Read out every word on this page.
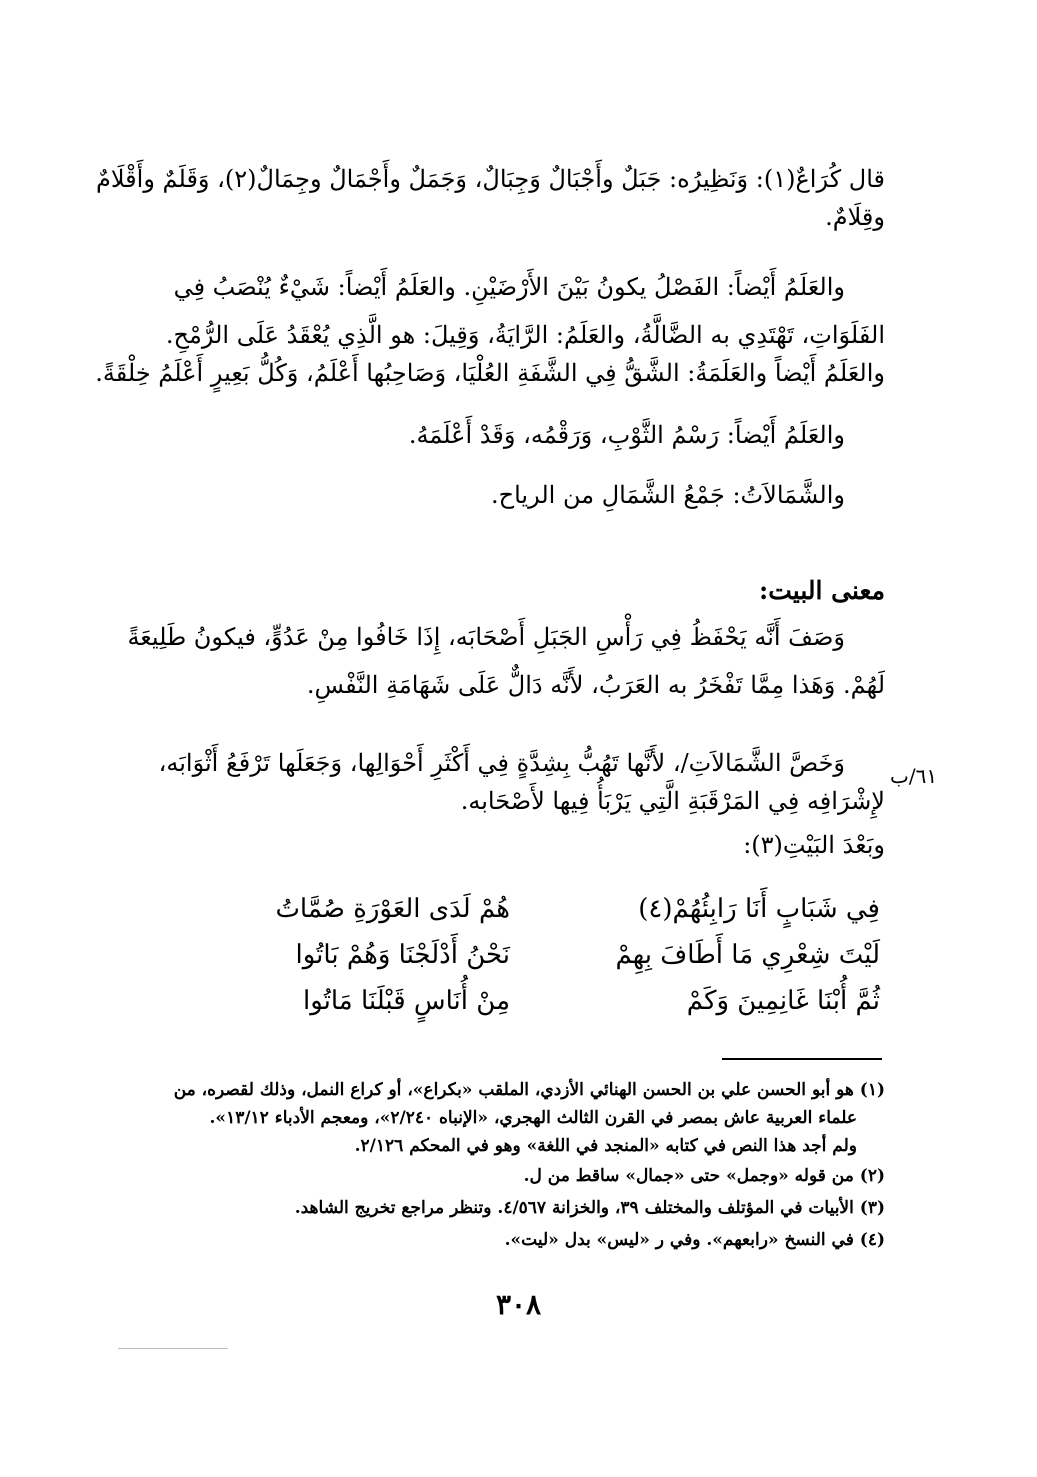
قال كُرَاعٌ(١): وَنَظِيرُه: جَبَلٌ وأَجْبَالٌ وَجِبَالٌ، وَجَمَلٌ وأَجْمَالٌ وجِمَالٌ(٢)، وَقَلَمٌ وأَقْلَامٌ
وقِلَامٌ.
والعَلَمُ أَيْضاً: الفَصْلُ يكونُ بَيْنَ الأَرْضَيْنِ. والعَلَمُ أَيْضاً: شَيْءٌ يُنْصَبُ فِي
الفَلَوَاتِ، تَهْتَدِي به الضَّالَّةُ، والعَلَمُ: الرَّايَةُ، وَقِيلَ: هو الَّذِي يُعْقَدُ عَلَى الرُّمْحِ.
والعَلَمُ أَيْضاً والعَلَمَةُ: الشَّقُّ فِي الشَّفَةِ العُلْيَا، وَصَاحِبُها أَعْلَمُ، وَكُلُّ بَعِيرٍ أَعْلَمُ خِلْقَةً.
والعَلَمُ أَيْضاً: رَسْمُ الثَّوْبِ، وَرَقْمُه، وَقَدْ أَعْلَمَهُ.
والشَّمَالاَتُ: جَمْعُ الشَّمَالِ من الرياح.
معنى البيت:
وَصَفَ أَنَّه يَحْفَظُ فِي رَأْسِ الجَبَلِ أَصْحَابَه، إِذَا خَافُوا مِنْ عَدُوٍّ، فيكونُ طَلِيعَةً
لَهُمْ. وَهَذا مِمَّا تَفْخَرُ به العَرَبُ، لأَنَّه دَالٌّ عَلَى شَهَامَةِ النَّفْسِ.
٦١/ب
وَخَصَّ الشَّمَالاَتِ/، لأَنَّها تَهُبُّ بِشِدَّةٍ فِي أَكْثَرِ أَحْوَالِها، وَجَعَلَها تَرْفَعُ أَثْوَابَه،
لإِشْرَافِه فِي المَرْقَبَةِ الَّتِي يَرْبَأُ فِيها لأَصْحَابه.
وبَعْدَ البَيْتِ(٣):
فِي شَبَابٍ أَنَا رَابِئُهُمْ(٤)
هُمْ لَدَى العَوْرَةِ صُمَّاتُ
لَيْتَ شِعْرِي مَا أَطَافَ بِهِمْ
نَحْنُ أَدْلَجْنَا وَهُمْ بَاتُوا
ثُمَّ أُبْنَا غَانِمِينَ وَكَمْ
مِنْ أُنَاسٍ قَبْلَنَا مَاتُوا
(١) هو أبو الحسن علي بن الحسن الهنائي الأزدي، الملقب «بكراع»، أو كراع النمل، وذلك لقصره، من
علماء العربية عاش بمصر في القرن الثالث الهجري، «الإنباه ٢/٢٤٠»، ومعجم الأدباء ١٣/١٢».
ولم أجد هذا النص في كتابه «المنجد في اللغة» وهو في المحكم ٢/١٢٦.
(٢) من قوله «وجمل» حتى «جمال» ساقط من ل.
(٣) الأبيات في المؤتلف والمختلف ٣٩، والخزانة ٤/٥٦٧. وتنظر مراجع تخريج الشاهد.
(٤) في النسخ «رابعهم». وفي ر «ليس» بدل «ليت».
٣٠٨
